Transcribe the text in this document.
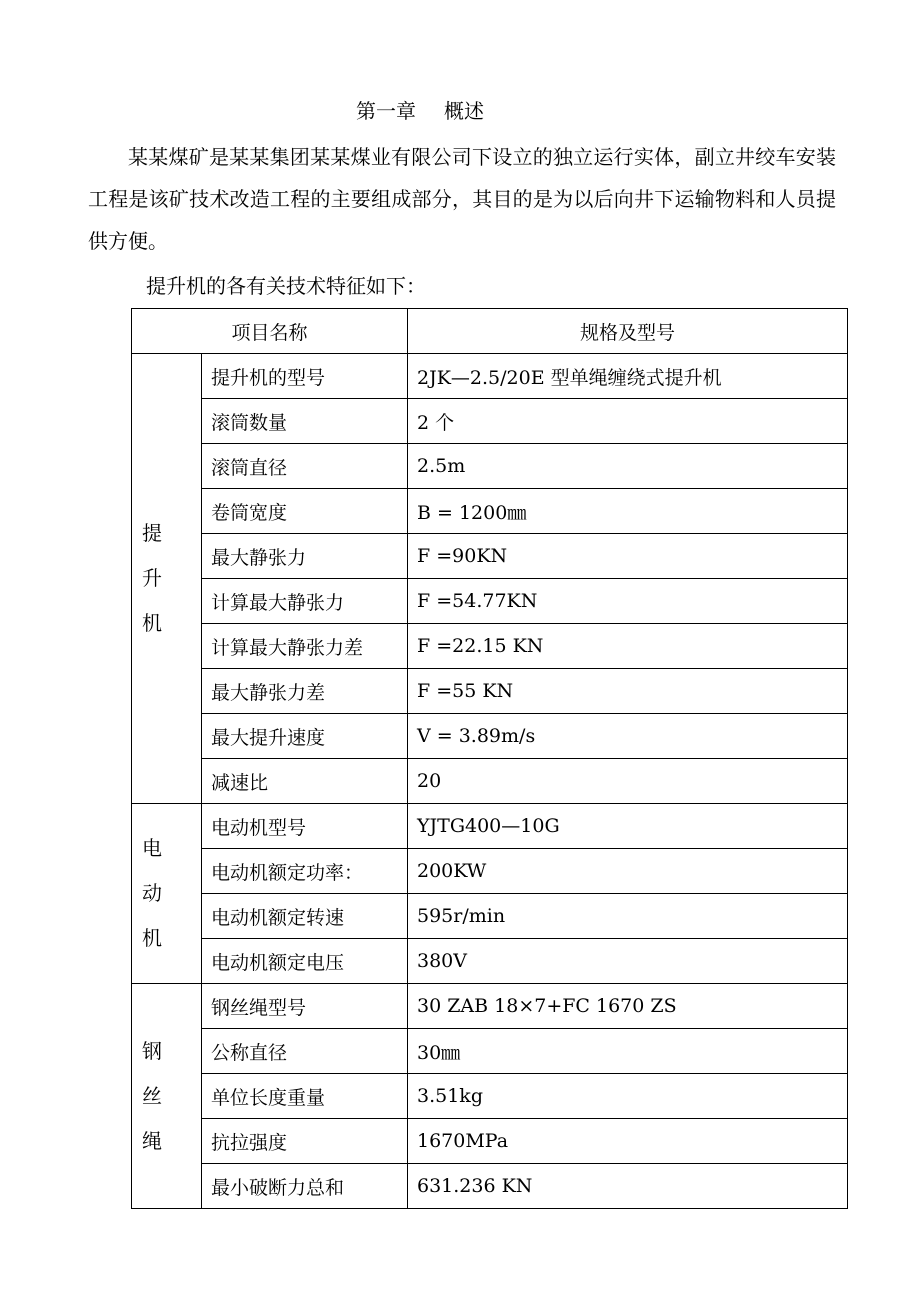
第一章 概述

某某煤矿是某某集团某某煤业有限公司下设立的独立运行实体，副立井绞车安装工程是该矿技术改造工程的主要组成部分，其目的是为以后向井下运输物料和人员提供方便。

提升机的各有关技术特征如下：

项目名称		规格及型号
提升机	提升机的型号	2JK—2.5/20E 型单绳缠绕式提升机
	滚筒数量	2 个
	滚筒直径	2.5m
	卷筒宽度	B = 1200㎜
	最大静张力	F =90KN
	计算最大静张力	F =54.77KN
	计算最大静张力差	F =22.15 KN
	最大静张力差	F =55 KN
	最大提升速度	V = 3.89m/s
	减速比	20
电动机	电动机型号	YJTG400—10G
	电动机额定功率：	200KW
	电动机额定转速	595r/min
	电动机额定电压	380V
钢丝绳	钢丝绳型号	30 ZAB 18×7+FC 1670 ZS
	公称直径	30㎜
	单位长度重量	3.51kg
	抗拉强度	1670MPa
	最小破断力总和	631.236 KN
